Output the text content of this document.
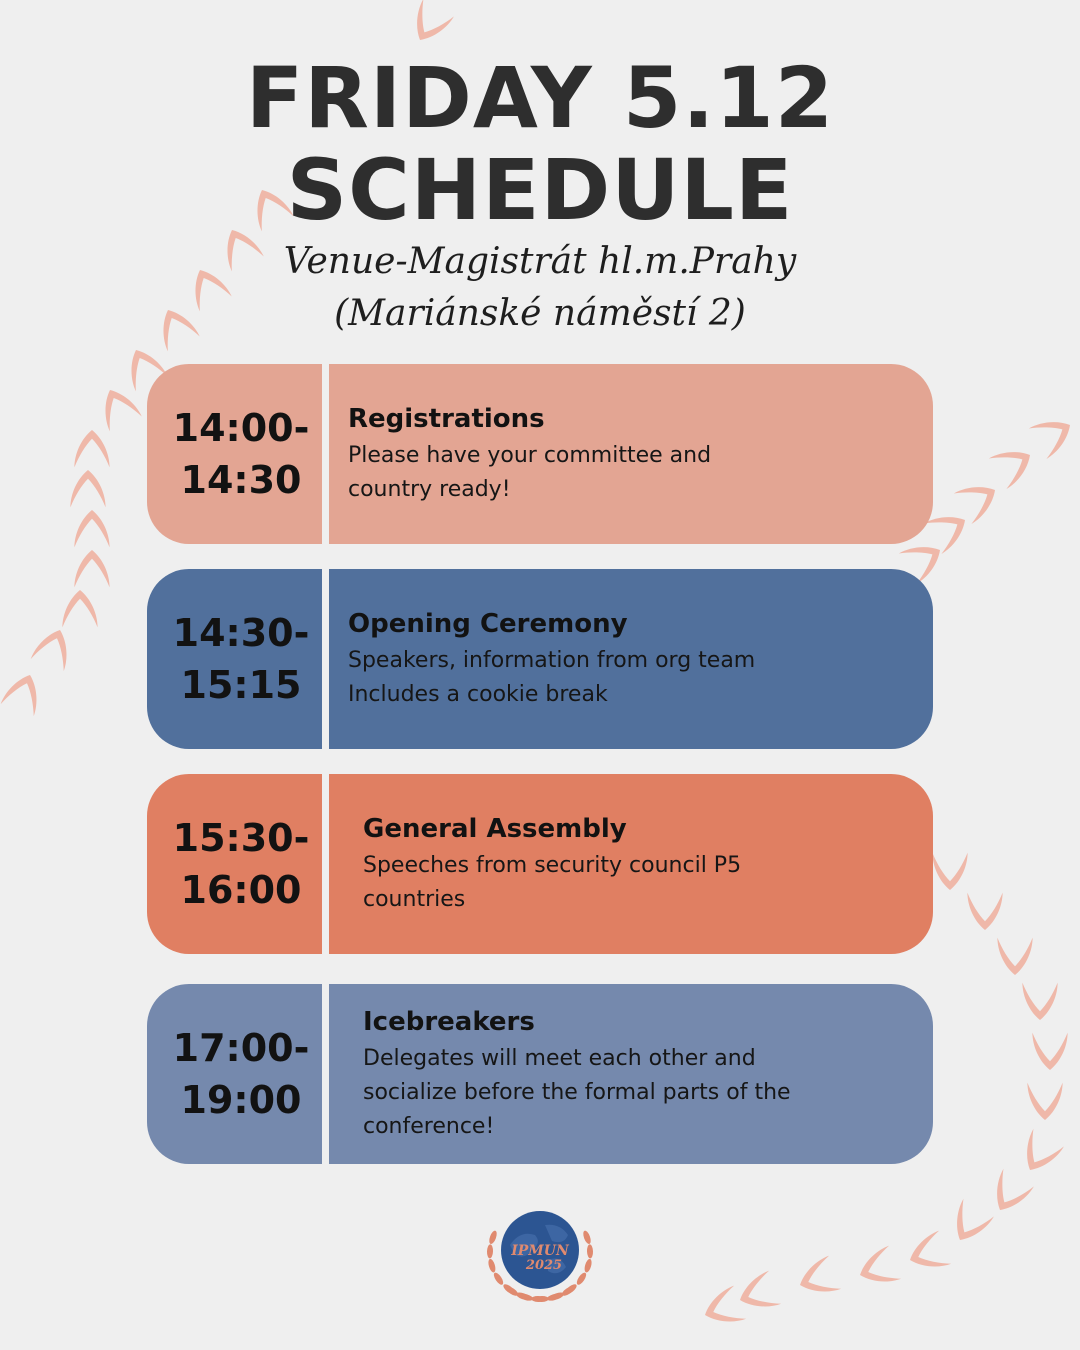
FRIDAY 5.12
SCHEDULE
Venue-Magistrát hl.m.Prahy
(Mariánské náměstí 2)
14:00-
14:30
Registrations
Please have your committee and
country ready!
14:30-
15:15
Opening Ceremony
Speakers, information from org team
Includes a cookie break
15:30-
16:00
General Assembly
Speeches from security council P5
countries
17:00-
19:00
Icebreakers
Delegates will meet each other and
socialize before the formal parts of the
conference!
IPMUN
2025
